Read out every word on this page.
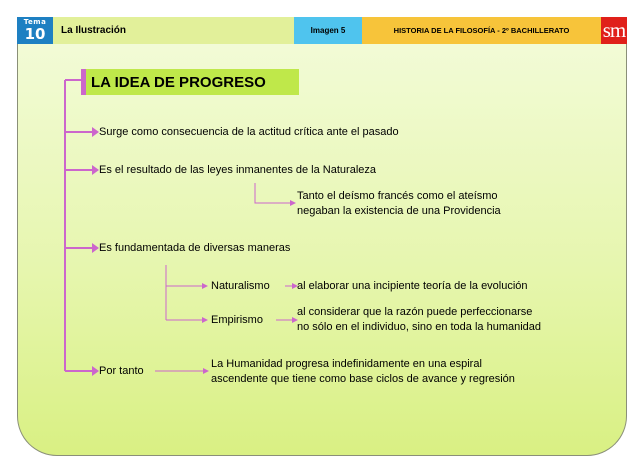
Tema
10	La Ilustración	Imagen 5	HISTORIA DE LA FILOSOFÍA - 2º BACHILLERATO	sm
LA IDEA DE PROGRESO
Surge como consecuencia de la actitud crítica ante el pasado
Es el resultado de las leyes inmanentes de la Naturaleza
Tanto el deísmo francés como el ateísmo
negaban la existencia de una Providencia
Es fundamentada de diversas maneras
Naturalismo al elaborar una incipiente teoría de la evolución
Empirismo
al considerar que la razón puede perfeccionarse
no sólo en el individuo, sino en toda la humanidad
Por tanto
La Humanidad progresa indefinidamente en una espiral
ascendente que tiene como base ciclos de avance y regresión
